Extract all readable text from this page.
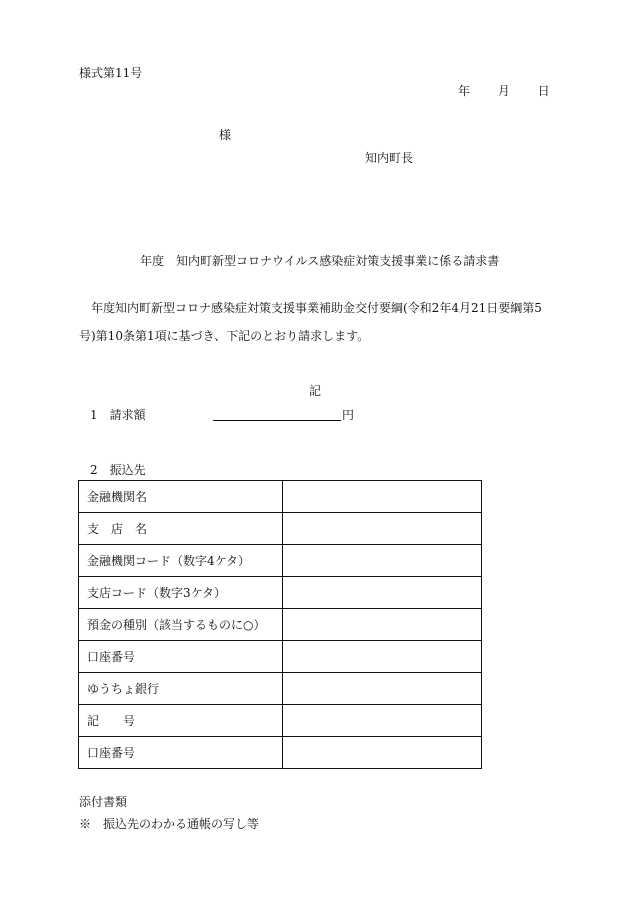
様式第11号
年 月 日
様
知内町長
年度　知内町新型コロナウイルス感染症対策支援事業に係る請求書
年度知内町新型コロナ感染症対策支援事業補助金交付要綱(令和2年4月21日要綱第5号)第10条第1項に基づき、下記のとおり請求します。
記
1　請求額	円
2　振込先
金融機関名	
支　店　名	
金融機関コード（数字4ケタ）	
支店コード（数字3ケタ）	
預金の種別（該当するものに○）	
口座番号	
ゆうちょ銀行	
記　　号	
口座番号	
添付書類
※　振込先のわかる通帳の写し等
